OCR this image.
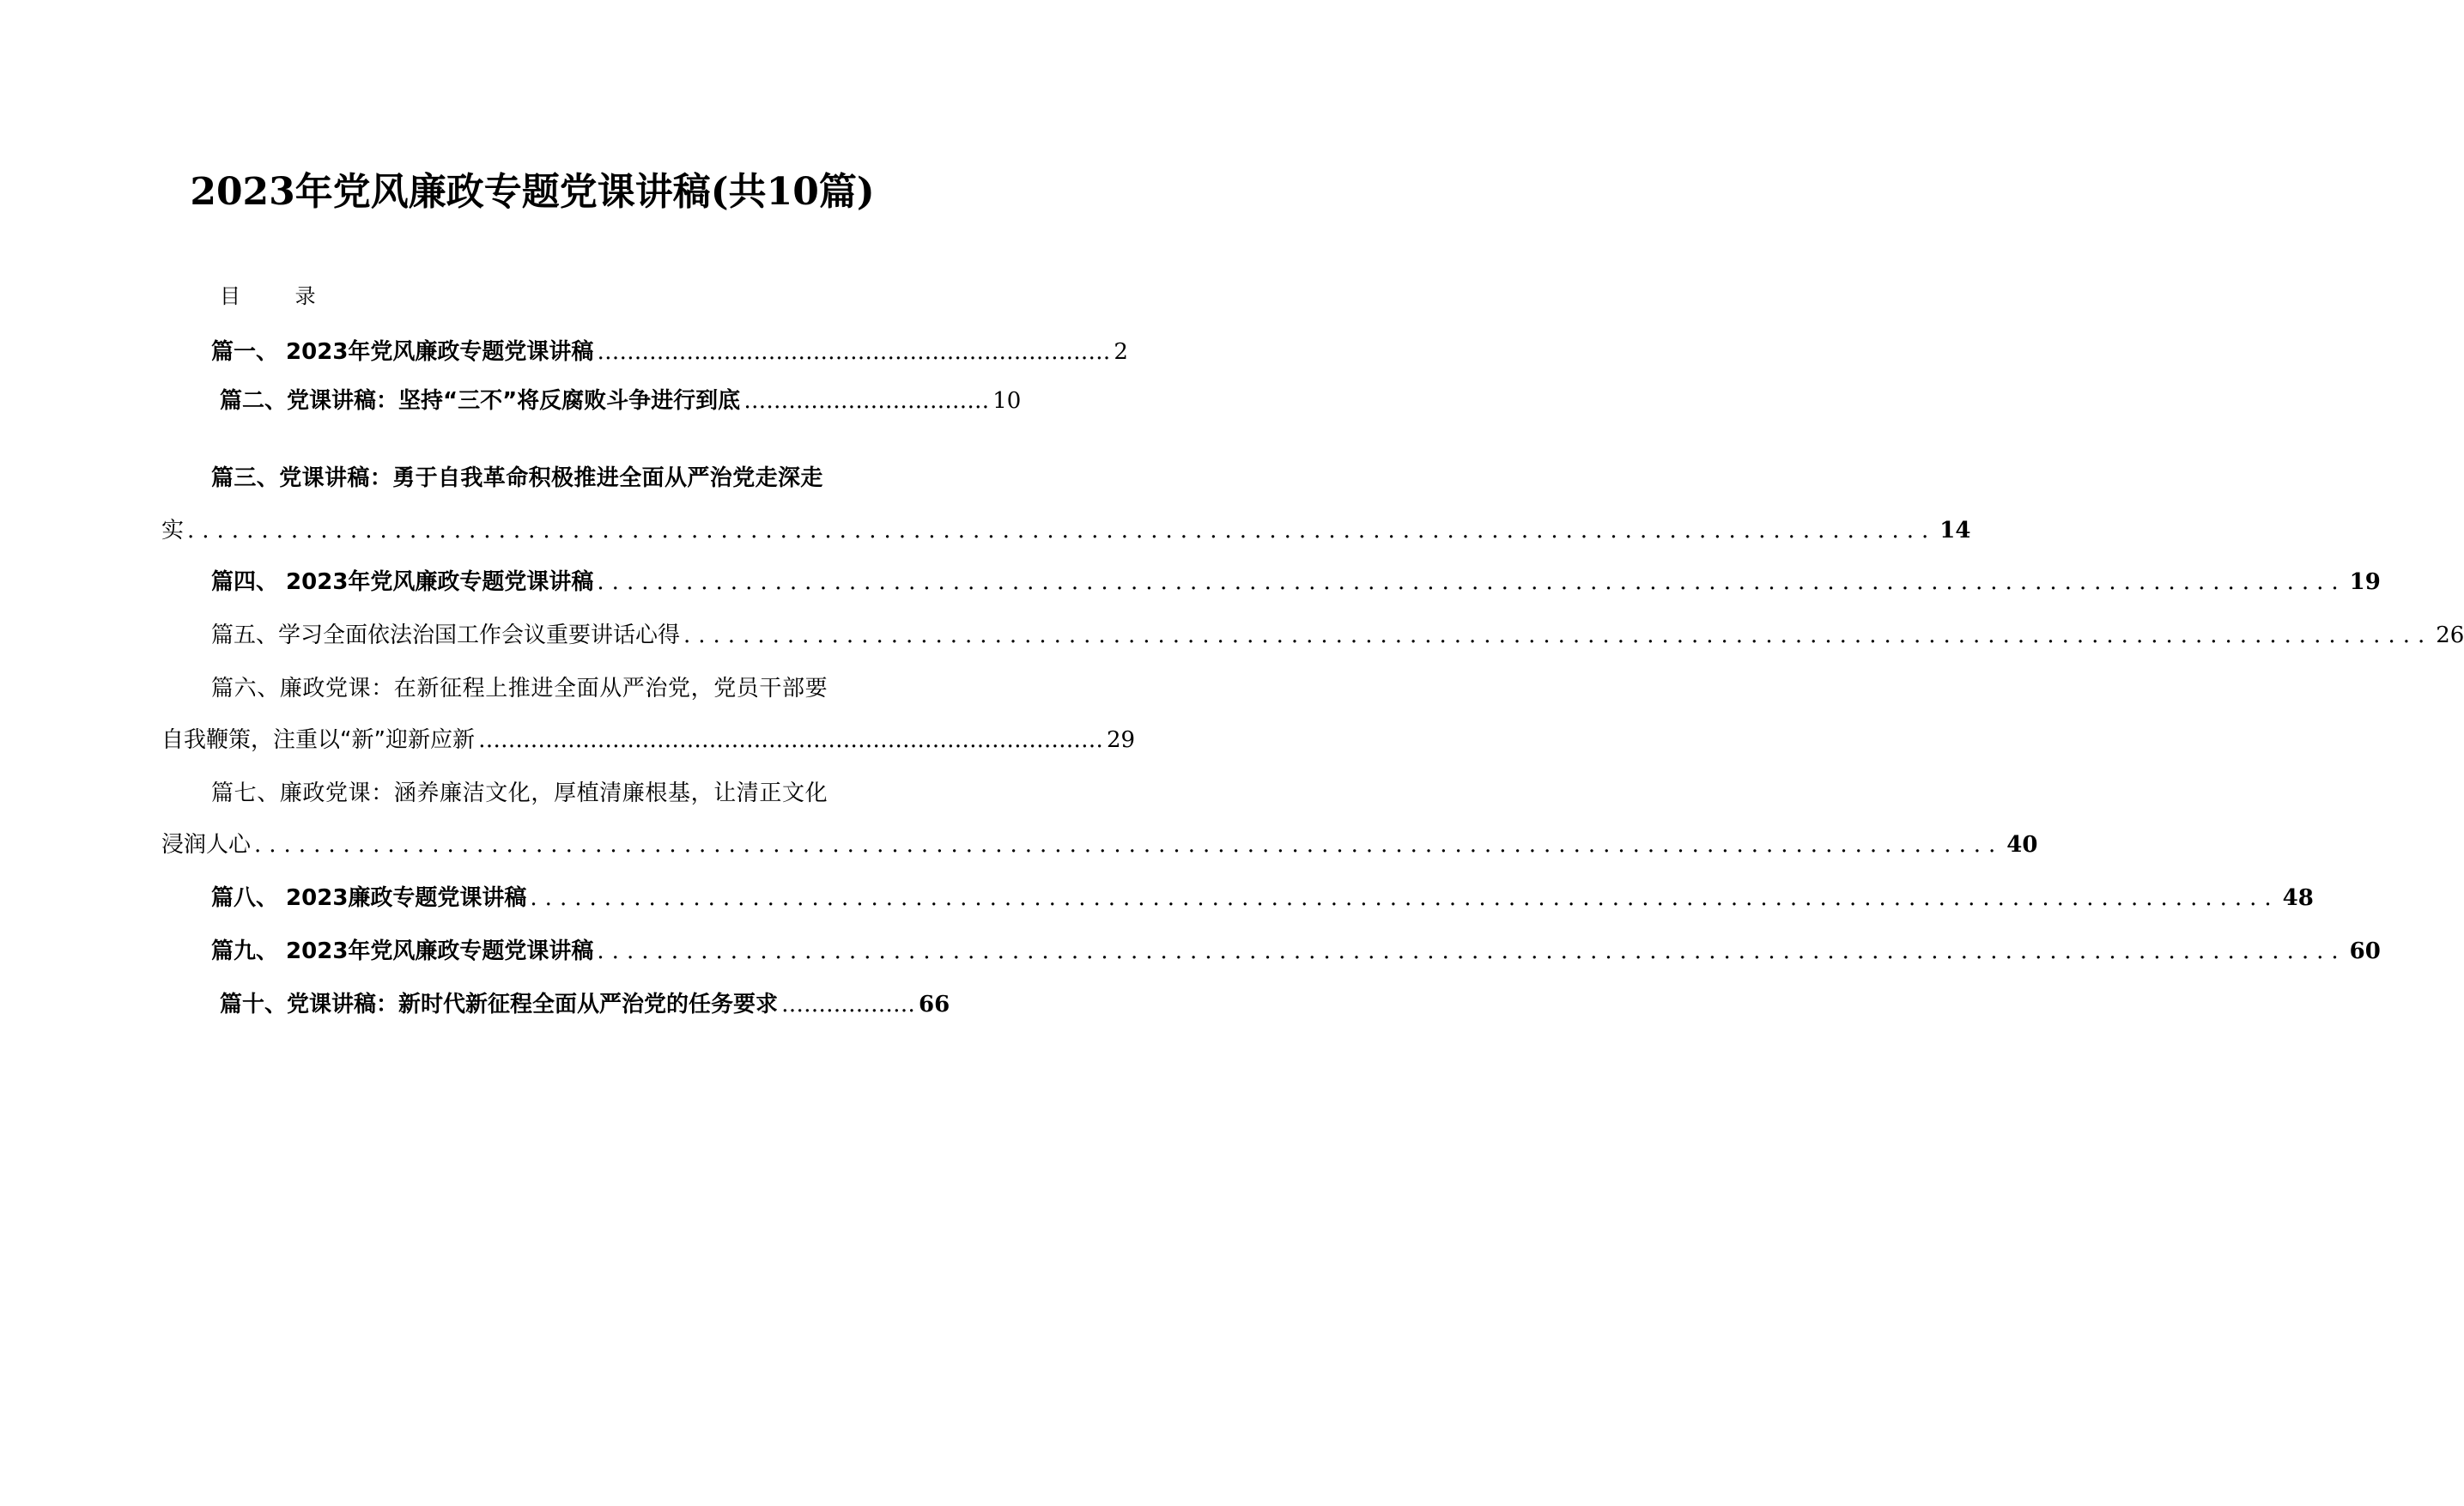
2023年党风廉政专题党课讲稿(共10篇)
目 录
篇一、 2023年党风廉政专题党课讲稿 …………………………………………………………… 2
篇二、党课讲稿：坚持“三不”将反腐败斗争进行到底 …………………………… 10
篇三、党课讲稿：勇于自我革命积极推进全面从严治党走深走
实 ...................................................................................................................... 14
篇四、 2023年党风廉政专题党课讲稿 ...................................................................................................................... 19
篇五、学习全面依法治国工作会议重要讲话心得 ...................................................................................................................... 26
篇六、廉政党课：在新征程上推进全面从严治党，党员干部要
自我鞭策，注重以“新”迎新应新 ………………………………………………………………………… 29
篇七、廉政党课：涵养廉洁文化，厚植清廉根基，让清正文化
浸润人心 ...................................................................................................................... 40
篇八、 2023廉政专题党课讲稿 ...................................................................................................................... 48
篇九、 2023年党风廉政专题党课讲稿 ...................................................................................................................... 60
篇十、党课讲稿：新时代新征程全面从严治党的任务要求 ……………… 66
